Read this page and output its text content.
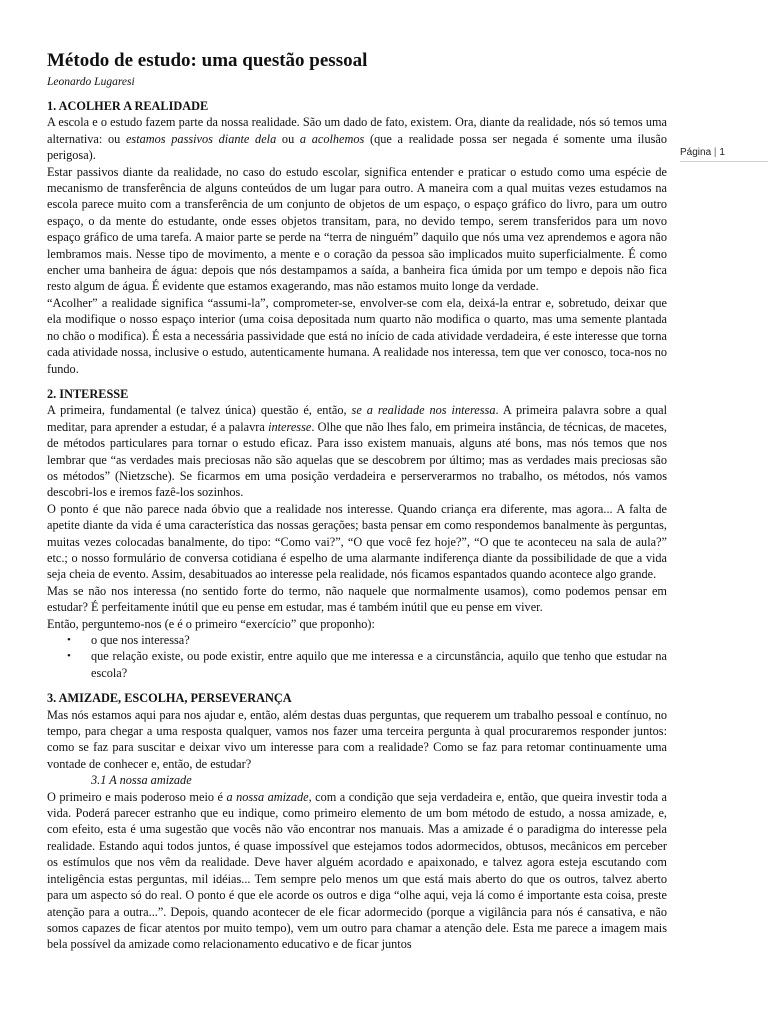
Página | 1
Método de estudo: uma questão pessoal
Leonardo Lugaresi
1. ACOLHER A REALIDADE

A escola e o estudo fazem parte da nossa realidade. São um dado de fato, existem. Ora, diante da realidade, nós só temos uma alternativa: ou estamos passivos diante dela ou a acolhemos (que a realidade possa ser negada é somente uma ilusão perigosa).

Estar passivos diante da realidade, no caso do estudo escolar, significa entender e praticar o estudo como uma espécie de mecanismo de transferência de alguns conteúdos de um lugar para outro. A maneira com a qual muitas vezes estudamos na escola parece muito com a transferência de um conjunto de objetos de um espaço, o espaço gráfico do livro, para um outro espaço, o da mente do estudante, onde esses objetos transitam, para, no devido tempo, serem transferidos para um novo espaço gráfico de uma tarefa. A maior parte se perde na “terra de ninguém” daquilo que nós uma vez aprendemos e agora não lembramos mais. Nesse tipo de movimento, a mente e o coração da pessoa são implicados muito superficialmente. É como encher uma banheira de água: depois que nós destampamos a saída, a banheira fica úmida por um tempo e depois não fica resto algum de água. É evidente que estamos exagerando, mas não estamos muito longe da verdade.

“Acolher” a realidade significa “assumi-la”, comprometer-se, envolver-se com ela, deixá-la entrar e, sobretudo, deixar que ela modifique o nosso espaço interior (uma coisa depositada num quarto não modifica o quarto, mas uma semente plantada no chão o modifica). É esta a necessária passividade que está no início de cada atividade verdadeira, é este interesse que torna cada atividade nossa, inclusive o estudo, autenticamente humana. A realidade nos interessa, tem que ver conosco, toca-nos no fundo.

2. INTERESSE

A primeira, fundamental (e talvez única) questão é, então, se a realidade nos interessa. A primeira palavra sobre a qual meditar, para aprender a estudar, é a palavra interesse. Olhe que não lhes falo, em primeira instância, de técnicas, de macetes, de métodos particulares para tornar o estudo eficaz. Para isso existem manuais, alguns até bons, mas nós temos que nos lembrar que “as verdades mais preciosas não são aquelas que se descobrem por último; mas as verdades mais preciosas são os métodos” (Nietzsche). Se ficarmos em uma posição verdadeira e perserverarmos no trabalho, os métodos, nós vamos descobri-los e iremos fazê-los sozinhos.

O ponto é que não parece nada óbvio que a realidade nos interesse. Quando criança era diferente, mas agora... A falta de apetite diante da vida é uma característica das nossas gerações; basta pensar em como respondemos banalmente às perguntas, muitas vezes colocadas banalmente, do tipo: “Como vai?”, “O que você fez hoje?”, “O que te aconteceu na sala de aula?” etc.; o nosso formulário de conversa cotidiana é espelho de uma alarmante indiferença diante da possibilidade de que a vida seja cheia de evento. Assim, desabituados ao interesse pela realidade, nós ficamos espantados quando acontece algo grande.

Mas se não nos interessa (no sentido forte do termo, não naquele que normalmente usamos), como podemos pensar em estudar? É perfeitamente inútil que eu pense em estudar, mas é também inútil que eu pense em viver.

Então, perguntemo-nos (e é o primeiro “exercício” que proponho):

• o que nos interessa?
• que relação existe, ou pode existir, entre aquilo que me interessa e a circunstância, aquilo que tenho que estudar na escola?
3. AMIZADE, ESCOLHA, PERSEVERANÇA

Mas nós estamos aqui para nos ajudar e, então, além destas duas perguntas, que requerem um trabalho pessoal e contínuo, no tempo, para chegar a uma resposta qualquer, vamos nos fazer uma terceira pergunta à qual procuraremos responder juntos: como se faz para suscitar e deixar vivo um interesse para com a realidade? Como se faz para retomar continuamente uma vontade de conhecer e, então, de estudar?

3.1 A nossa amizade

O primeiro e mais poderoso meio é a nossa amizade, com a condição que seja verdadeira e, então, que queira investir toda a vida. Poderá parecer estranho que eu indique, como primeiro elemento de um bom método de estudo, a nossa amizade, e, com efeito, esta é uma sugestão que vocês não vão encontrar nos manuais. Mas a amizade é o paradigma do interesse pela realidade. Estando aqui todos juntos, é quase impossível que estejamos todos adormecidos, obtusos, mecânicos em perceber os estímulos que nos vêm da realidade. Deve haver alguém acordado e apaixonado, e talvez agora esteja escutando com inteligência estas perguntas, mil idéias... Tem sempre pelo menos um que está mais aberto do que os outros, talvez aberto para um aspecto só do real. O ponto é que ele acorde os outros e diga “olhe aqui, veja lá como é importante esta coisa, preste atenção para a outra...”. Depois, quando acontecer de ele ficar adormecido (porque a vigilância para nós é cansativa, e não somos capazes de ficar atentos por muito tempo), vem um outro para chamar a atenção dele. Esta me parece a imagem mais bela possível da amizade como relacionamento educativo e de ficar juntos
